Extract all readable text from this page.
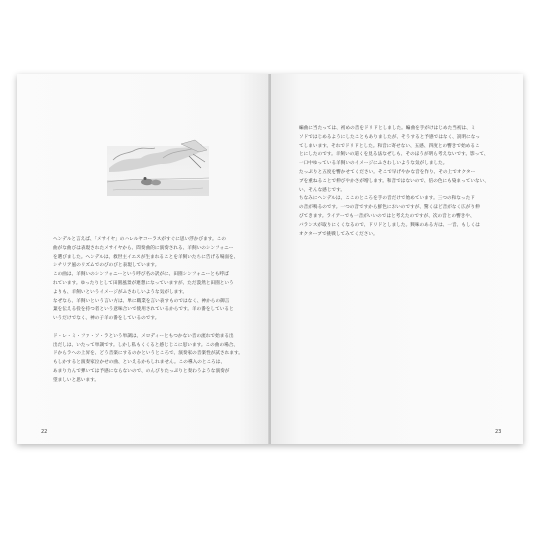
ヘンデルと言えば、「メサイヤ」のハレルヤコーラスがすぐに思い浮かびます。この

曲がな曲びは表現されたメサイヤから、間奏曲的に演奏される、羊飼いのシンフォニー

を選びました。ヘンデルは、救世主イエスが生まれることを羊飼いたちに告げる場面を、

シチリア風のリズムでのびのびと表現しています。

この曲は、羊飼いのシンフォニーという呼び名の訳がに、田園シンフォニーとも呼ば

れています。ゆったりとして田園風景が連想になっていますが、ただ漠然と田園という

よりも、羊飼いというイメージがふさわしいような気がします。

なぜなら、羊飼いという言い方は、単に職業を言い表すものではなく、神からの御言

葉を伝える役を持つ者という意味合いで使用されているからです。羊の番をしていると

いうだけでなく、神の子羊の番をしているのです。

ド・レ・ミ・ファ・ソ・ラという単調は、メロディーともつかない音の流れで始まる出

出だしは、いたって単調です。しかし私もくくると感じじこに思います。この曲の場合、

ドからラへの上昇を、どう音楽にするのかというところで、演奏家の音楽性が試されます。

もしかすると演奏家泣かせの曲、といえるかもしれません。この導入のところは、

あまり力んで弾いては予感にならないので、のんびりたっぷりと奏わうような演奏が

望ましいと思います。

22

編曲に当たっては、初めの音をドリドとしました。編曲を手がけはじめた当初は、ミ

ソドではじめるようにしたこともありましたが、そうすると予感ではなく、説明になっ

てしまいます。それでドリドとした。和音に寄せない、五感、四度との響きで始めるこ

とにしたのです。羊飼いの道くを見る法なぜしも、そのほうが明ら考えないです。影って、

一口中ゆっている羊飼いのイメージにふさわしいような気がしました。

たっぷりと五度を響かせてください。そこで早げやかな音を作り、その上でオクター

ブを重ねることで伸びやかさが増します。和音ではないので、倍の色にも染まっていない、

い、そんな感じです。

ちなみにヘンデルは、ここのところを手の音だけで始めています。三つの和なったド

の音が鳴るのです。一つの音ですから鮮色においのですが、驚くほど音がなく広がり伸

びてきます。ライアーでも一音がいいのではと考えたのですが、次の音との響きや、

バランスが取りにくくなるので、ドリドとしました。興味のある方は、一音、もしくは

オクターブで挑戦してみてください。

23
